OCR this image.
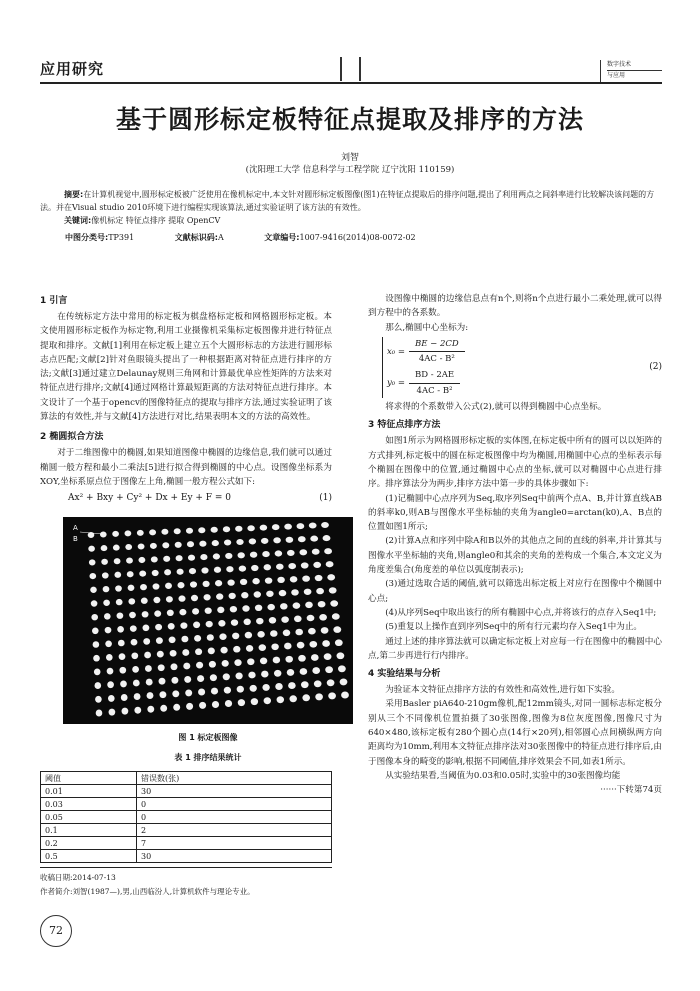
应用研究	数字技术
与应用
基于圆形标定板特征点提取及排序的方法
刘智
(沈阳理工大学 信息科学与工程学院 辽宁沈阳 110159)
摘要:在计算机视觉中,圆形标定板被广泛使用在像机标定中,本文针对圆形标定板图像(图1)在特征点提取后的排序问题,提出了利用两点之间斜率进行比较解决该问题的方法。并在Visual studio 2010环境下进行编程实现该算法,通过实验证明了该方法的有效性。
关键词:像机标定 特征点排序 提取 OpenCV
中图分类号:TP391	文献标识码:A	文章编号:1007-9416(2014)08-0072-02
1 引言

在传统标定方法中常用的标定板为棋盘格标定板和网格圆形标定板。本文使用圆形标定板作为标定物,利用工业摄像机采集标定板图像并进行特征点提取和排序。文献[1]利用在标定板上建立五个大圆形标志的方法进行圆形标志点匹配;文献[2]针对鱼眼镜头提出了一种根据距离对特征点进行排序的方法;文献[3]通过建立Delaunay规则三角网和计算最优单应性矩阵的方法来对特征点进行排序;文献[4]通过网格计算最短距离的方法对特征点进行排序。本文设计了一个基于opencv的图像特征点的提取与排序方法,通过实验证明了该算法的有效性,并与文献[4]方法进行对比,结果表明本文的方法的高效性。

2 椭圆拟合方法

对于二维图像中的椭圆,如果知道图像中椭圆的边缘信息,我们就可以通过椭圆一般方程和最小二乘法[5]进行拟合得到椭圆的中心点。设图像坐标系为XOY,坐标系原点位于图像左上角,椭圆一般方程公式如下:

Ax² + Bxy + Cy² + Dx + Ey + F = 0	(1)
A
B
图 1 标定板图像
表 1 排序结果统计
阈值	错误数(张)
0.01	30
0.03	0
0.05	0
0.1	2
0.2	7
0.5	30

设图像中椭圆的边缘信息点有n个,则将n个点进行最小二乘处理,就可以得到方程中的各系数。

那么,椭圆中心坐标为:

$x_0 = \frac{BE - 2CD}{\text{4AC - B²}}$
$y_0 = \frac{BD - 2AE}{\text{4AC - B²}}$
(2)

将求得的个系数带入公式(2),就可以得到椭圆中心点坐标。

3 特征点排序方法

如图1所示为网格圆形标定板的实体图,在标定板中所有的圆可以以矩阵的方式排列,标定板中的圆在标定板图像中均为椭圆,用椭圆中心点的坐标表示每个椭圆在图像中的位置,通过椭圆中心点的坐标,就可以对椭圆中心点进行排序。排序算法分为两步,排序方法中第一步的具体步骤如下:

(1)记椭圆中心点序列为Seq,取序列Seq中前两个点A、B,并计算直线AB的斜率k0,则AB与图像水平坐标轴的夹角为angle0=arctan(k0),A、B点的位置如图1所示;

(2)计算A点和序列中除A和B以外的其他点之间的直线的斜率,并计算其与图像水平坐标轴的夹角,则angle0和其余的夹角的差构成一个集合,本文定义为角度差集合(角度差的单位以弧度制表示);

(3)通过选取合适的阈值,就可以筛选出标定板上对应行在图像中个椭圆中心点;

(4)从序列Seq中取出该行的所有椭圆中心点,并将该行的点存入Seq1中;

(5)重复以上操作直到序列Seq中的所有行元素均存入Seq1中为止。

通过上述的排序算法就可以确定标定板上对应每一行在图像中的椭圆中心点,第二步再进行行内排序。

4 实验结果与分析

为验证本文特征点排序方法的有效性和高效性,进行如下实验。

采用Basler piA640-210gm像机,配12mm镜头,对同一圆标志标定板分别从三个不同像机位置拍摄了30张图像,图像为8位灰度图像,图像尺寸为640×480,该标定板有280个圆心点(14行×20列),相邻圆心点间横纵两方向距离均为10mm,利用本文特征点排序法对30张图像中的特征点进行排序后,由于图像本身的畸变的影响,根据不同阈值,排序效果会不同,如表1所示。

从实验结果看,当阈值为0.03和0.05时,实验中的30张图像均能

······下转第74页
收稿日期:2014-07-13
作者简介:刘智(1987—),男,山西临汾人,计算机软件与理论专业。
72
